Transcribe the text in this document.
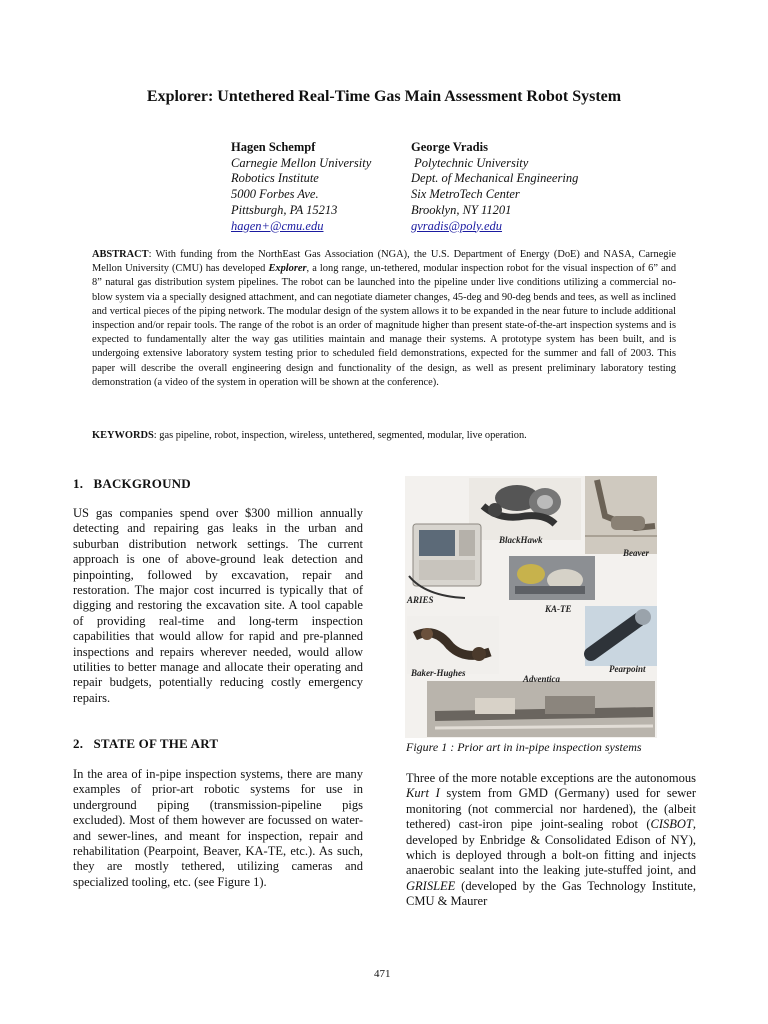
Explorer: Untethered Real-Time Gas Main Assessment Robot System
Hagen Schempf
Carnegie Mellon University
Robotics Institute
5000 Forbes Ave.
Pittsburgh, PA 15213
hagen+@cmu.edu
George Vradis
Polytechnic University
Dept. of Mechanical Engineering
Six MetroTech Center
Brooklyn, NY 11201
gvradis@poly.edu
ABSTRACT: With funding from the NorthEast Gas Association (NGA), the U.S. Department of Energy (DoE) and NASA, Carnegie Mellon University (CMU) has developed Explorer, a long range, un-tethered, modular inspection robot for the visual inspection of 6” and 8” natural gas distribution system pipelines. The robot can be launched into the pipeline under live conditions utilizing a commercial no-blow system via a specially designed attachment, and can negotiate diameter changes, 45-deg and 90-deg bends and tees, as well as inclined and vertical pieces of the piping network. The modular design of the system allows it to be expanded in the near future to include additional inspection and/or repair tools. The range of the robot is an order of magnitude higher than present state-of-the-art inspection systems and is expected to fundamentally alter the way gas utilities maintain and manage their systems. A prototype system has been built, and is undergoing extensive laboratory system testing prior to scheduled field demonstrations, expected for the summer and fall of 2003. This paper will describe the overall engineering design and functionality of the design, as well as present preliminary laboratory testing demonstration (a video of the system in operation will be shown at the conference).
KEYWORDS: gas pipeline, robot, inspection, wireless, untethered, segmented, modular, live operation.
1.   BACKGROUND
US gas companies spend over $300 million annually detecting and repairing gas leaks in the urban and suburban distribution network settings. The current approach is one of above-ground leak detection and pinpointing, followed by excavation, repair and restoration. The major cost incurred is typically that of digging and restoring the excavation site. A tool capable of providing real-time and long-term inspection capabilities that would allow for rapid and pre-planned inspections and repairs wherever needed, would allow utilities to better manage and allocate their operating and repair budgets, potentially reducing costly emergency repairs.
2.   STATE OF THE ART
In the area of in-pipe inspection systems, there are many examples of prior-art robotic systems for use in underground piping (transmission-pipeline pigs excluded). Most of them however are focussed on water- and sewer-lines, and meant for inspection, repair and rehabilitation (Pearpoint, Beaver, KA-TE, etc.). As such, they are mostly tethered, utilizing cameras and specialized tooling, etc. (see Figure 1).
BlackHawk
Beaver
ARIES
KA-TE
Pearpoint
Baker-Hughes
Adventica
Figure 1 : Prior art in in-pipe inspection systems
Three of the more notable exceptions are the autonomous Kurt I system from GMD (Germany) used for sewer monitoring (not commercial nor hardened), the (albeit tethered) cast-iron pipe joint-sealing robot (CISBOT, developed by Enbridge & Consolidated Edison of NY), which is deployed through a bolt-on fitting and injects anaerobic sealant into the leaking jute-stuffed joint, and GRISLEE (developed by the Gas Technology Institute, CMU & Maurer
471
